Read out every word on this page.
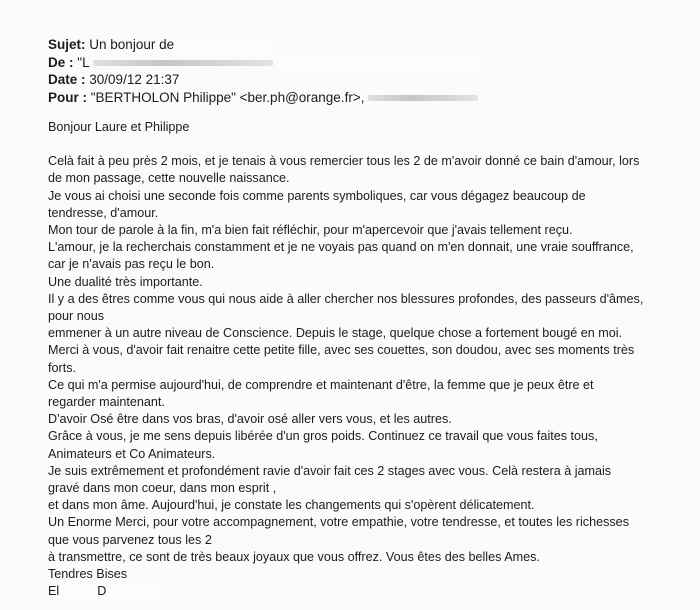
Sujet: Un bonjour de
De : "L
Date : 30/09/12 21:37
Pour : "BERTHOLON Philippe" <ber.ph@orange.fr>,
Bonjour Laure et Philippe
Celà fait à peu près 2 mois, et je tenais à vous remercier tous les 2 de m'avoir donné ce bain d'amour, lors
de mon passage, cette nouvelle naissance.
Je vous ai choisi une seconde fois comme parents symboliques, car vous dégagez beaucoup de
tendresse, d'amour.
Mon tour de parole à la fin, m'a bien fait réfléchir, pour m'apercevoir que j'avais tellement reçu.
L'amour, je la recherchais constamment et je ne voyais pas quand on m'en donnait, une vraie souffrance,
car je n'avais pas reçu le bon.
Une dualité très importante.
Il y a des êtres comme vous qui nous aide à aller chercher nos blessures profondes, des passeurs d'âmes,
pour nous
emmener à un autre niveau de Conscience. Depuis le stage, quelque chose a fortement bougé en moi.
Merci à vous, d'avoir fait renaitre cette petite fille, avec ses couettes, son doudou, avec ses moments très
forts.
Ce qui m'a permise aujourd'hui, de comprendre et maintenant d'être, la femme que je peux être et
regarder maintenant.
D'avoir Osé être dans vos bras, d'avoir osé aller vers vous, et les autres.
Grâce à vous, je me sens depuis libérée d'un gros poids. Continuez ce travail que vous faites tous,
Animateurs et Co Animateurs.
Je suis extrêmement et profondément ravie d'avoir fait ces 2 stages avec vous. Celà restera à jamais
gravé dans mon coeur, dans mon esprit ,
et dans mon âme. Aujourd'hui, je constate les changements qui s'opèrent délicatement.
Un Enorme Merci, pour votre accompagnement, votre empathie, votre tendresse, et toutes les richesses
que vous parvenez tous les 2
à transmettre, ce sont de très beaux joyaux que vous offrez. Vous êtes des belles Ames.
Tendres Bises
El	D
